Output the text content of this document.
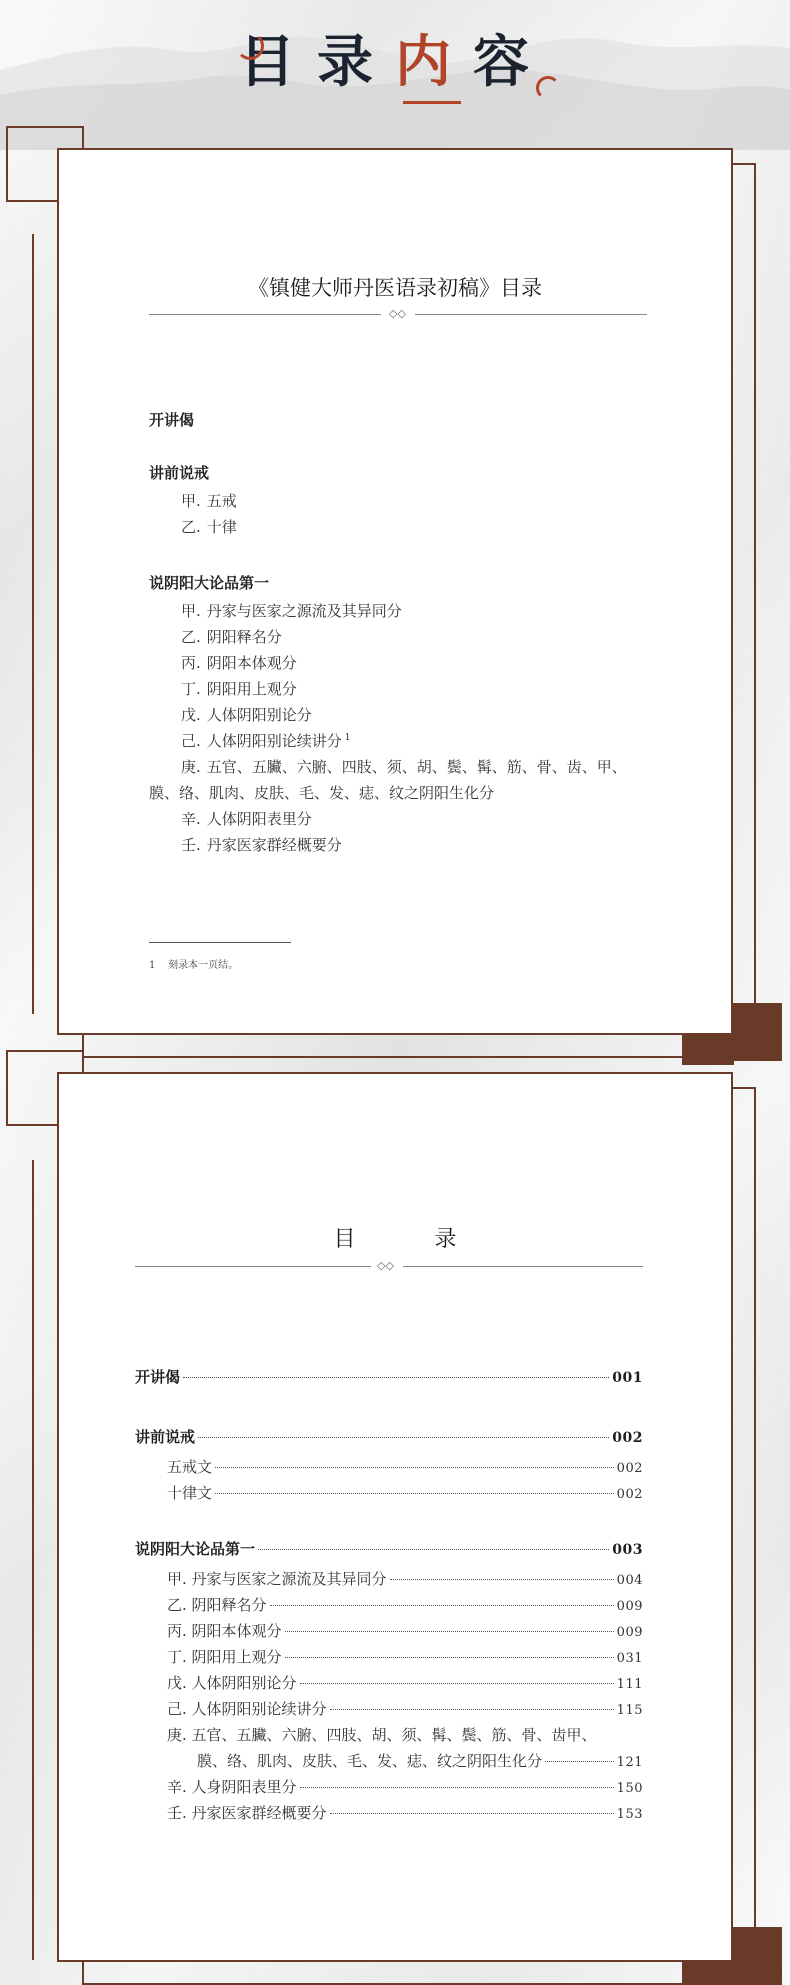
目录内容
《镇健大师丹医语录初稿》目录
◇◇
开讲偈
讲前说戒
甲. 五戒
乙. 十律
说阴阳大论品第一
甲. 丹家与医家之源流及其异同分
乙. 阴阳释名分
丙. 阴阳本体观分
丁. 阴阳用上观分
戊. 人体阴阳别论分
己. 人体阴阳别论续讲分 $^1$
庚. 五官、五臟、六腑、四肢、须、胡、鬓、髯、筋、骨、齿、甲、
膜、络、肌肉、皮肤、毛、发、痣、纹之阴阳生化分
辛. 人体阴阳表里分
壬. 丹家医家群经概要分
1 刻录本一页结。
目 录
◇◇
开讲偈	001
讲前说戒	002
五戒文	002
十律文	002
说阴阳大论品第一	003
甲. 丹家与医家之源流及其异同分	004
乙. 阴阳释名分	009
丙. 阴阳本体观分	009
丁. 阴阳用上观分	031
戊. 人体阴阳别论分	111
己. 人体阴阳别论续讲分	115
庚. 五官、五臟、六腑、四肢、胡、须、髯、鬓、筋、骨、齿甲、
膜、络、肌肉、皮肤、毛、发、痣、纹之阴阳生化分	121
辛. 人身阴阳表里分	150
壬. 丹家医家群经概要分	153
